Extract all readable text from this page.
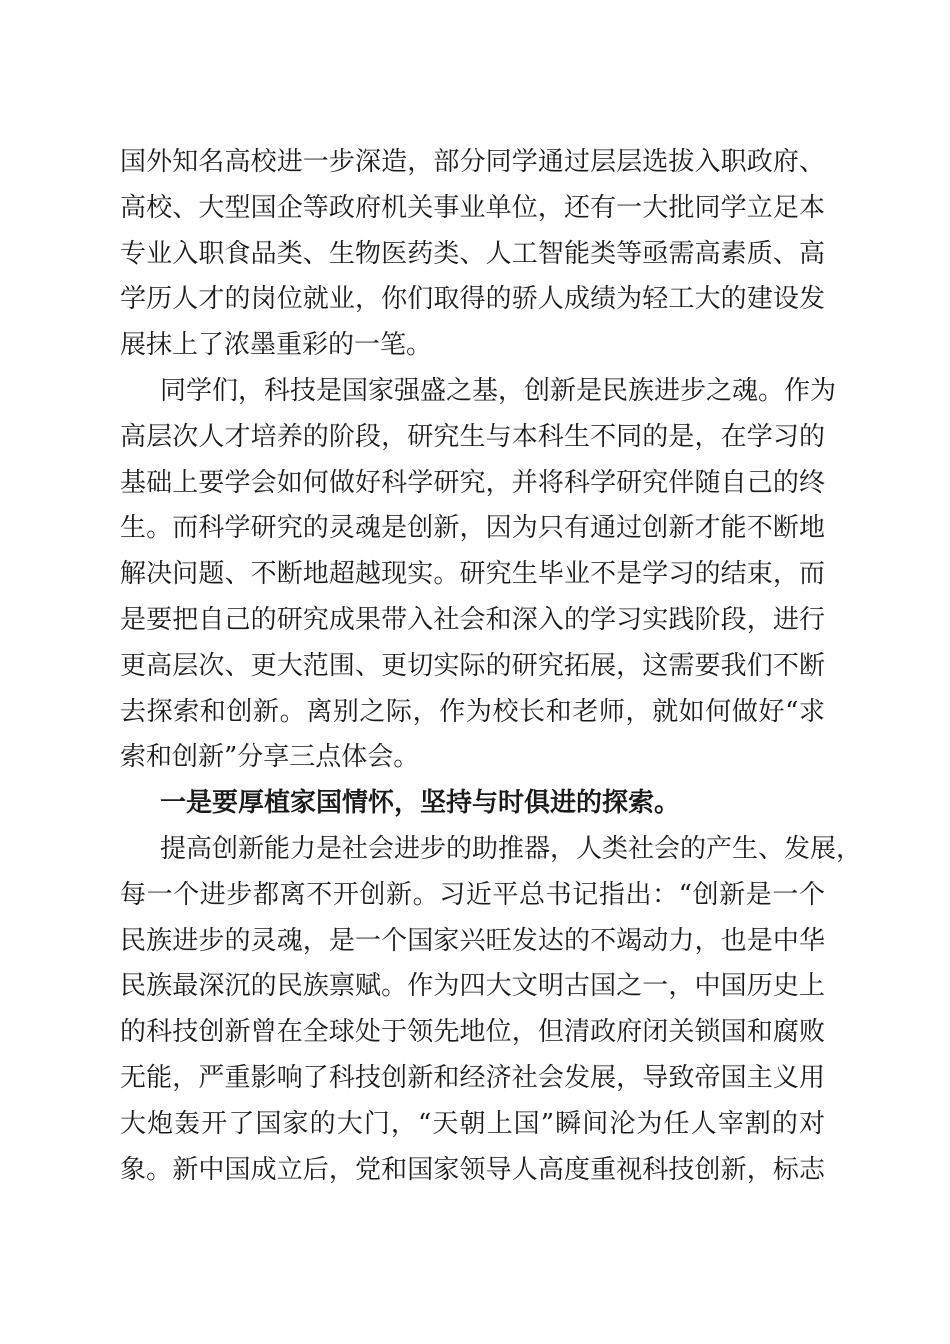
国外知名高校进一步深造，部分同学通过层层选拔入职政府、
高校、大型国企等政府机关事业单位，还有一大批同学立足本
专业入职食品类、生物医药类、人工智能类等亟需高素质、高
学历人才的岗位就业，你们取得的骄人成绩为轻工大的建设发
展抹上了浓墨重彩的一笔。
同学们，科技是国家强盛之基，创新是民族进步之魂。作为
高层次人才培养的阶段，研究生与本科生不同的是，在学习的
基础上要学会如何做好科学研究，并将科学研究伴随自己的终
生。而科学研究的灵魂是创新，因为只有通过创新才能不断地
解决问题、不断地超越现实。研究生毕业不是学习的结束，而
是要把自己的研究成果带入社会和深入的学习实践阶段，进行
更高层次、更大范围、更切实际的研究拓展，这需要我们不断
去探索和创新。离别之际，作为校长和老师，就如何做好“求
索和创新”分享三点体会。
一是要厚植家国情怀，坚持与时俱进的探索。
提高创新能力是社会进步的助推器，人类社会的产生、发展，
每一个进步都离不开创新。习近平总书记指出：“创新是一个
民族进步的灵魂，是一个国家兴旺发达的不竭动力，也是中华
民族最深沉的民族禀赋。作为四大文明古国之一，中国历史上
的科技创新曾在全球处于领先地位，但清政府闭关锁国和腐败
无能，严重影响了科技创新和经济社会发展，导致帝国主义用
大炮轰开了国家的大门，“天朝上国”瞬间沦为任人宰割的对
象。新中国成立后，党和国家领导人高度重视科技创新，标志
